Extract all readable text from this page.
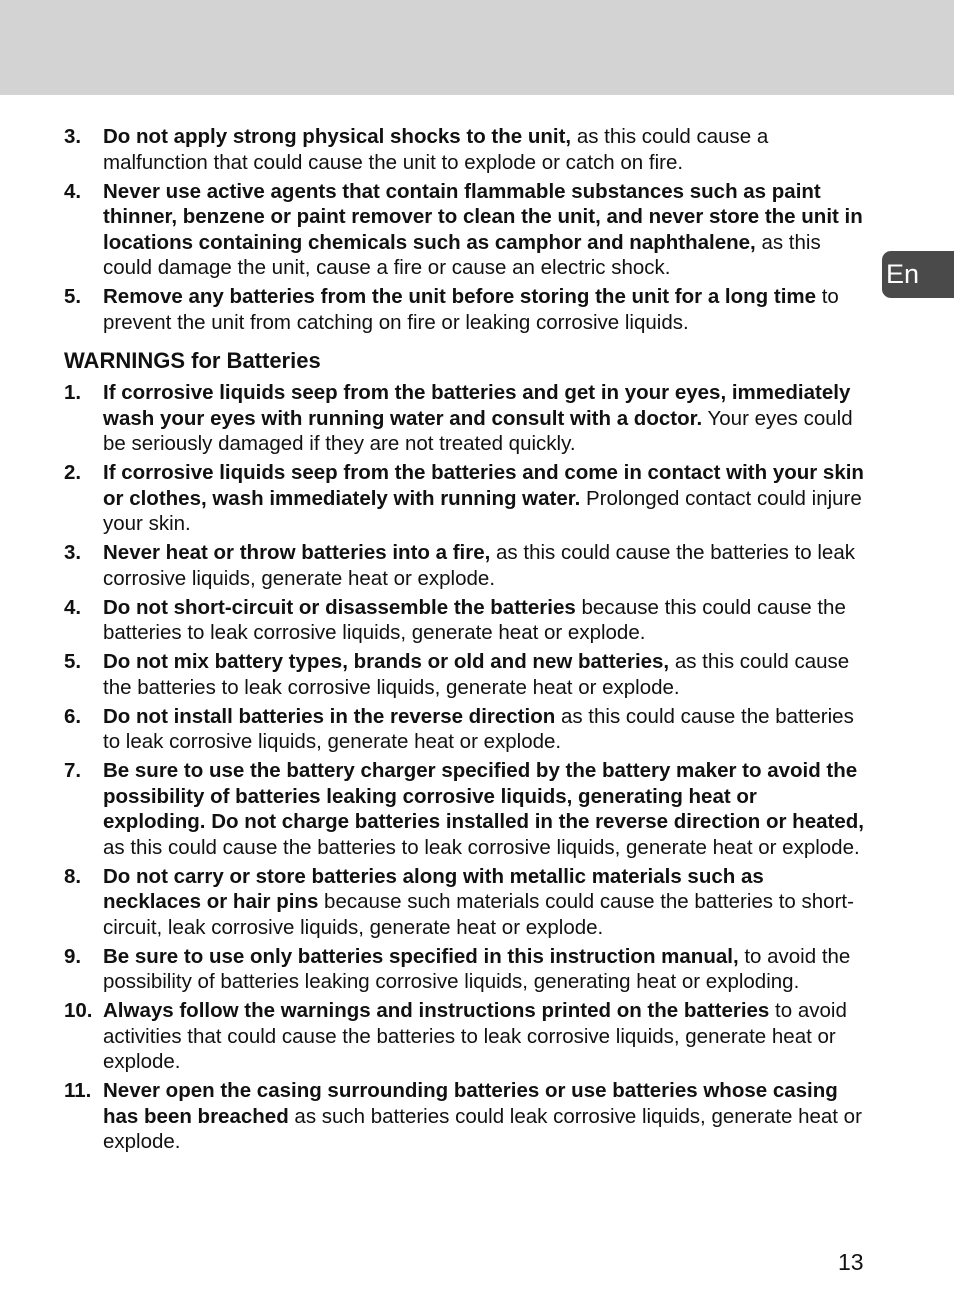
En
3. Do not apply strong physical shocks to the unit, as this could cause a malfunction that could cause the unit to explode or catch on fire.
4. Never use active agents that contain flammable substances such as paint thinner, benzene or paint remover to clean the unit, and never store the unit in locations containing chemicals such as camphor and naphthalene, as this could damage the unit, cause a fire or cause an electric shock.
5. Remove any batteries from the unit before storing the unit for a long time to prevent the unit from catching on fire or leaking corrosive liquids.
WARNINGS for Batteries
1. If corrosive liquids seep from the batteries and get in your eyes, immediately wash your eyes with running water and consult with a doctor. Your eyes could be seriously damaged if they are not treated quickly.
2. If corrosive liquids seep from the batteries and come in contact with your skin or clothes, wash immediately with running water. Prolonged contact could injure your skin.
3. Never heat or throw batteries into a fire, as this could cause the batteries to leak corrosive liquids, generate heat or explode.
4. Do not short-circuit or disassemble the batteries because this could cause the batteries to leak corrosive liquids, generate heat or explode.
5. Do not mix battery types, brands or old and new batteries, as this could cause the batteries to leak corrosive liquids, generate heat or explode.
6. Do not install batteries in the reverse direction as this could cause the batteries to leak corrosive liquids, generate heat or explode.
7. Be sure to use the battery charger specified by the battery maker to avoid the possibility of batteries leaking corrosive liquids, generating heat or exploding. Do not charge batteries installed in the reverse direction or heated, as this could cause the batteries to leak corrosive liquids, generate heat or explode.
8. Do not carry or store batteries along with metallic materials such as necklaces or hair pins because such materials could cause the batteries to short-circuit, leak corrosive liquids, generate heat or explode.
9. Be sure to use only batteries specified in this instruction manual, to avoid the possibility of batteries leaking corrosive liquids, generating heat or exploding.
10. Always follow the warnings and instructions printed on the batteries to avoid activities that could cause the batteries to leak corrosive liquids, generate heat or explode.
11. Never open the casing surrounding batteries or use batteries whose casing has been breached as such batteries could leak corrosive liquids, generate heat or explode.
13
